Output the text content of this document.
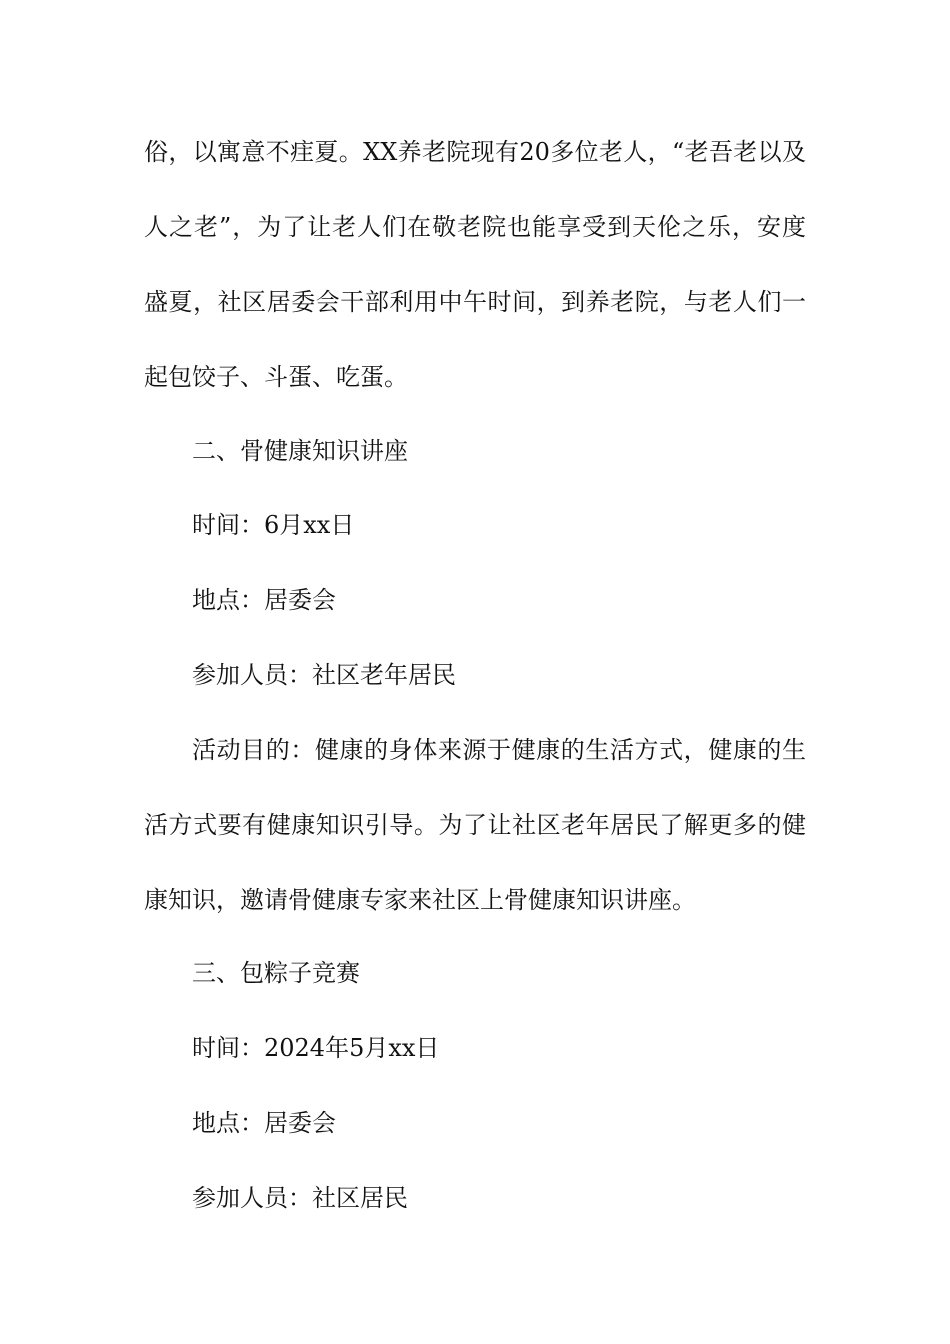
俗，以寓意不疰夏。XX养老院现有20多位老人，“老吾老以及
人之老”，为了让老人们在敬老院也能享受到天伦之乐，安度
盛夏，社区居委会干部利用中午时间，到养老院，与老人们一
起包饺子、斗蛋、吃蛋。
二、骨健康知识讲座
时间：6月xx日
地点：居委会
参加人员：社区老年居民
活动目的：健康的身体来源于健康的生活方式，健康的生
活方式要有健康知识引导。为了让社区老年居民了解更多的健
康知识，邀请骨健康专家来社区上骨健康知识讲座。
三、包粽子竞赛
时间：2024年5月xx日
地点：居委会
参加人员：社区居民
